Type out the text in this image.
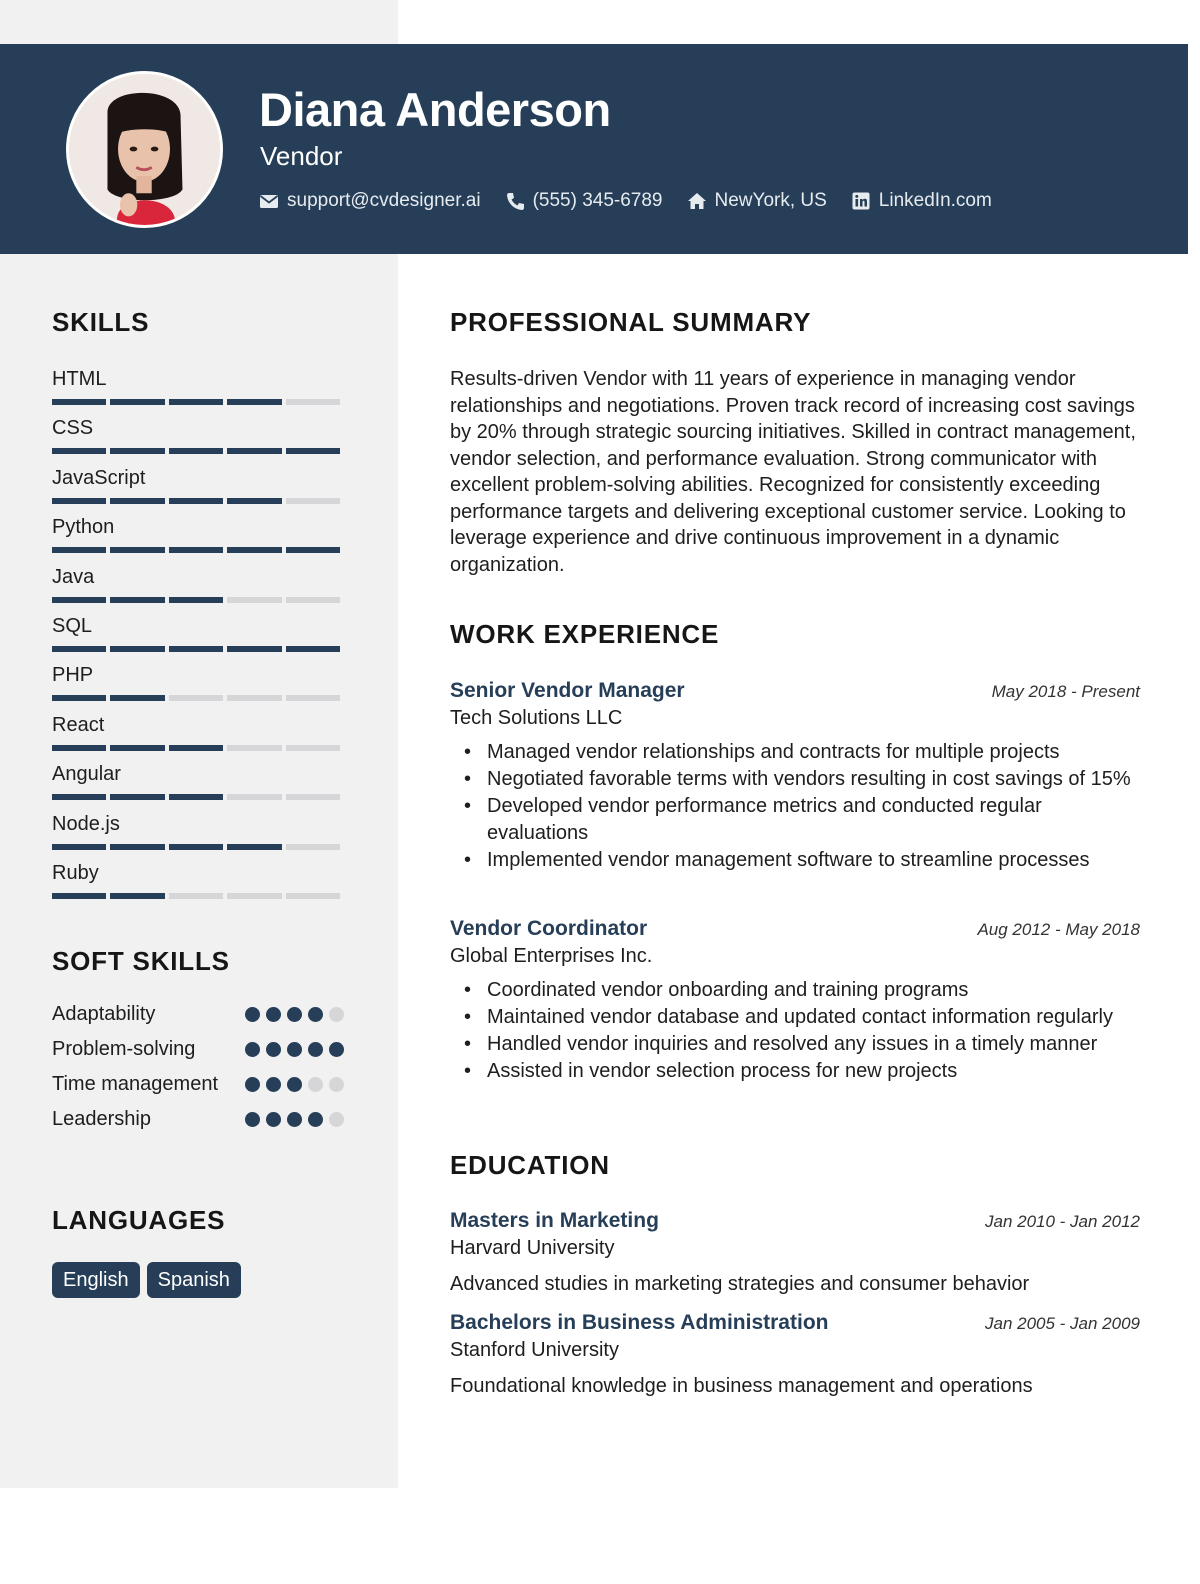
Diana Anderson
Vendor
support@cvdesigner.ai	(555) 345-6789	NewYork, US	LinkedIn.com
SKILLS
HTML
CSS
JavaScript
Python
Java
SQL
PHP
React
Angular
Node.js
Ruby
SOFT SKILLS
Adaptability
Problem-solving
Time management
Leadership
LANGUAGES
English	Spanish
PROFESSIONAL SUMMARY

Results-driven Vendor with 11 years of experience in managing vendor relationships and negotiations. Proven track record of increasing cost savings by 20% through strategic sourcing initiatives. Skilled in contract management, vendor selection, and performance evaluation. Strong communicator with excellent problem-solving abilities. Recognized for consistently exceeding performance targets and delivering exceptional customer service. Looking to leverage experience and drive continuous improvement in a dynamic organization.

WORK EXPERIENCE
Senior Vendor Manager	May 2018 - Present
Tech Solutions LLC
• Managed vendor relationships and contracts for multiple projects
• Negotiated favorable terms with vendors resulting in cost savings of 15%
• Developed vendor performance metrics and conducted regular evaluations
• Implemented vendor management software to streamline processes
Vendor Coordinator	Aug 2012 - May 2018
Global Enterprises Inc.
• Coordinated vendor onboarding and training programs
• Maintained vendor database and updated contact information regularly
• Handled vendor inquiries and resolved any issues in a timely manner
• Assisted in vendor selection process for new projects
EDUCATION
Masters in Marketing	Jan 2010 - Jan 2012
Harvard University
Advanced studies in marketing strategies and consumer behavior
Bachelors in Business Administration	Jan 2005 - Jan 2009
Stanford University
Foundational knowledge in business management and operations
